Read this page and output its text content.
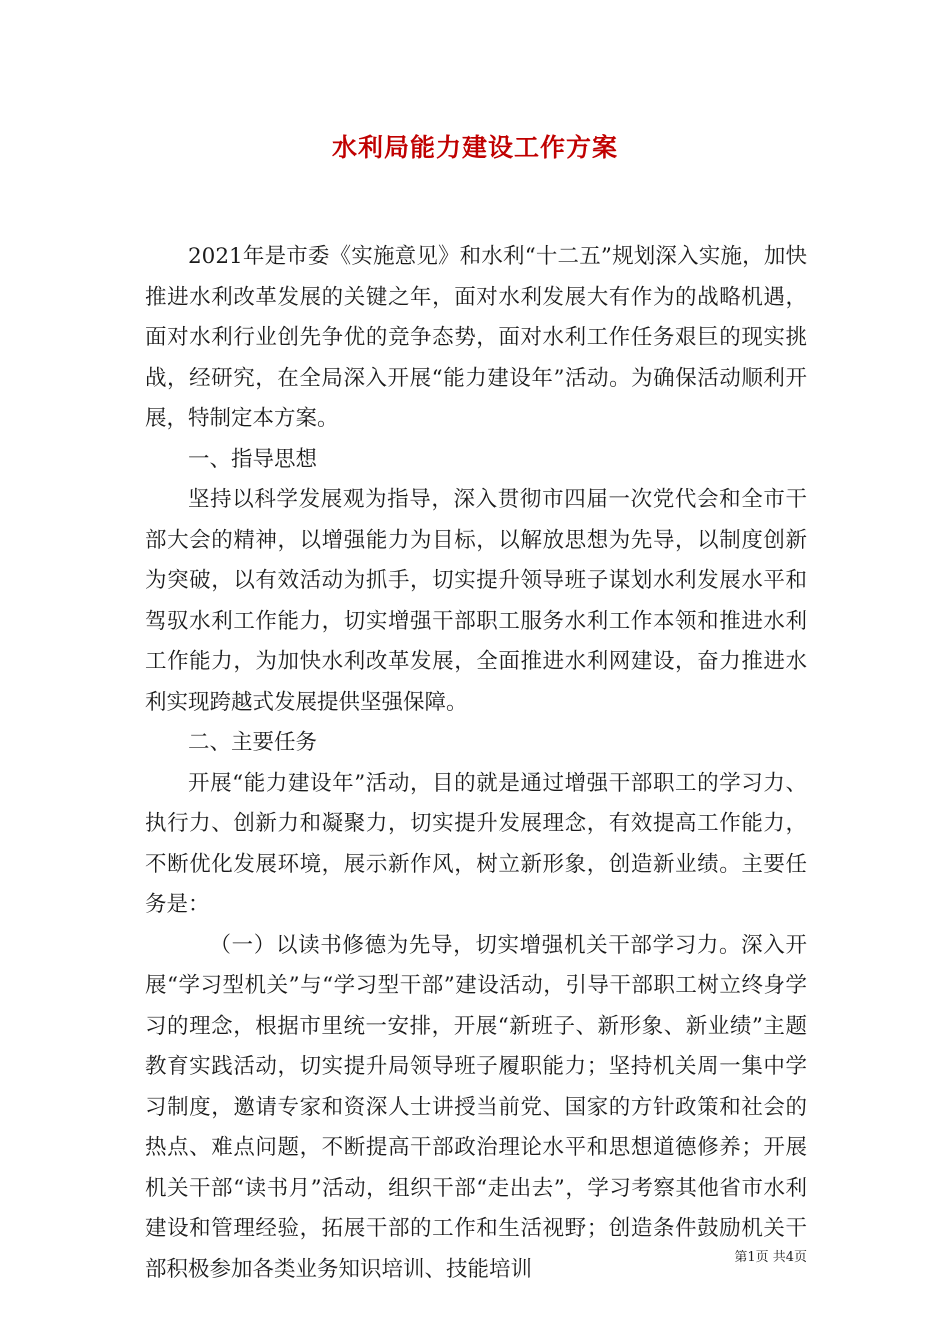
水利局能力建设工作方案

2021年是市委《实施意见》和水利“十二五”规划深入实施，加快推进水利改革发展的关键之年，面对水利发展大有作为的战略机遇，面对水利行业创先争优的竞争态势，面对水利工作任务艰巨的现实挑战，经研究，在全局深入开展“能力建设年”活动。为确保活动顺利开展，特制定本方案。

一、指导思想

坚持以科学发展观为指导，深入贯彻市四届一次党代会和全市干部大会的精神，以增强能力为目标，以解放思想为先导，以制度创新为突破，以有效活动为抓手，切实提升领导班子谋划水利发展水平和驾驭水利工作能力，切实增强干部职工服务水利工作本领和推进水利工作能力，为加快水利改革发展，全面推进水利网建设，奋力推进水利实现跨越式发展提供坚强保障。

二、主要任务

开展“能力建设年”活动，目的就是通过增强干部职工的学习力、执行力、创新力和凝聚力，切实提升发展理念，有效提高工作能力，不断优化发展环境，展示新作风，树立新形象，创造新业绩。主要任务是：

（一）以读书修德为先导，切实增强机关干部学习力。深入开展“学习型机关”与“学习型干部”建设活动，引导干部职工树立终身学习的理念，根据市里统一安排，开展“新班子、新形象、新业绩”主题教育实践活动，切实提升局领导班子履职能力；坚持机关周一集中学习制度，邀请专家和资深人士讲授当前党、国家的方针政策和社会的热点、难点问题，不断提高干部政治理论水平和思想道德修养；开展机关干部“读书月”活动，组织干部“走出去”，学习考察其他省市水利建设和管理经验，拓展干部的工作和生活视野；创造条件鼓励机关干部积极参加各类业务知识培训、技能培训	第1页 共4页
